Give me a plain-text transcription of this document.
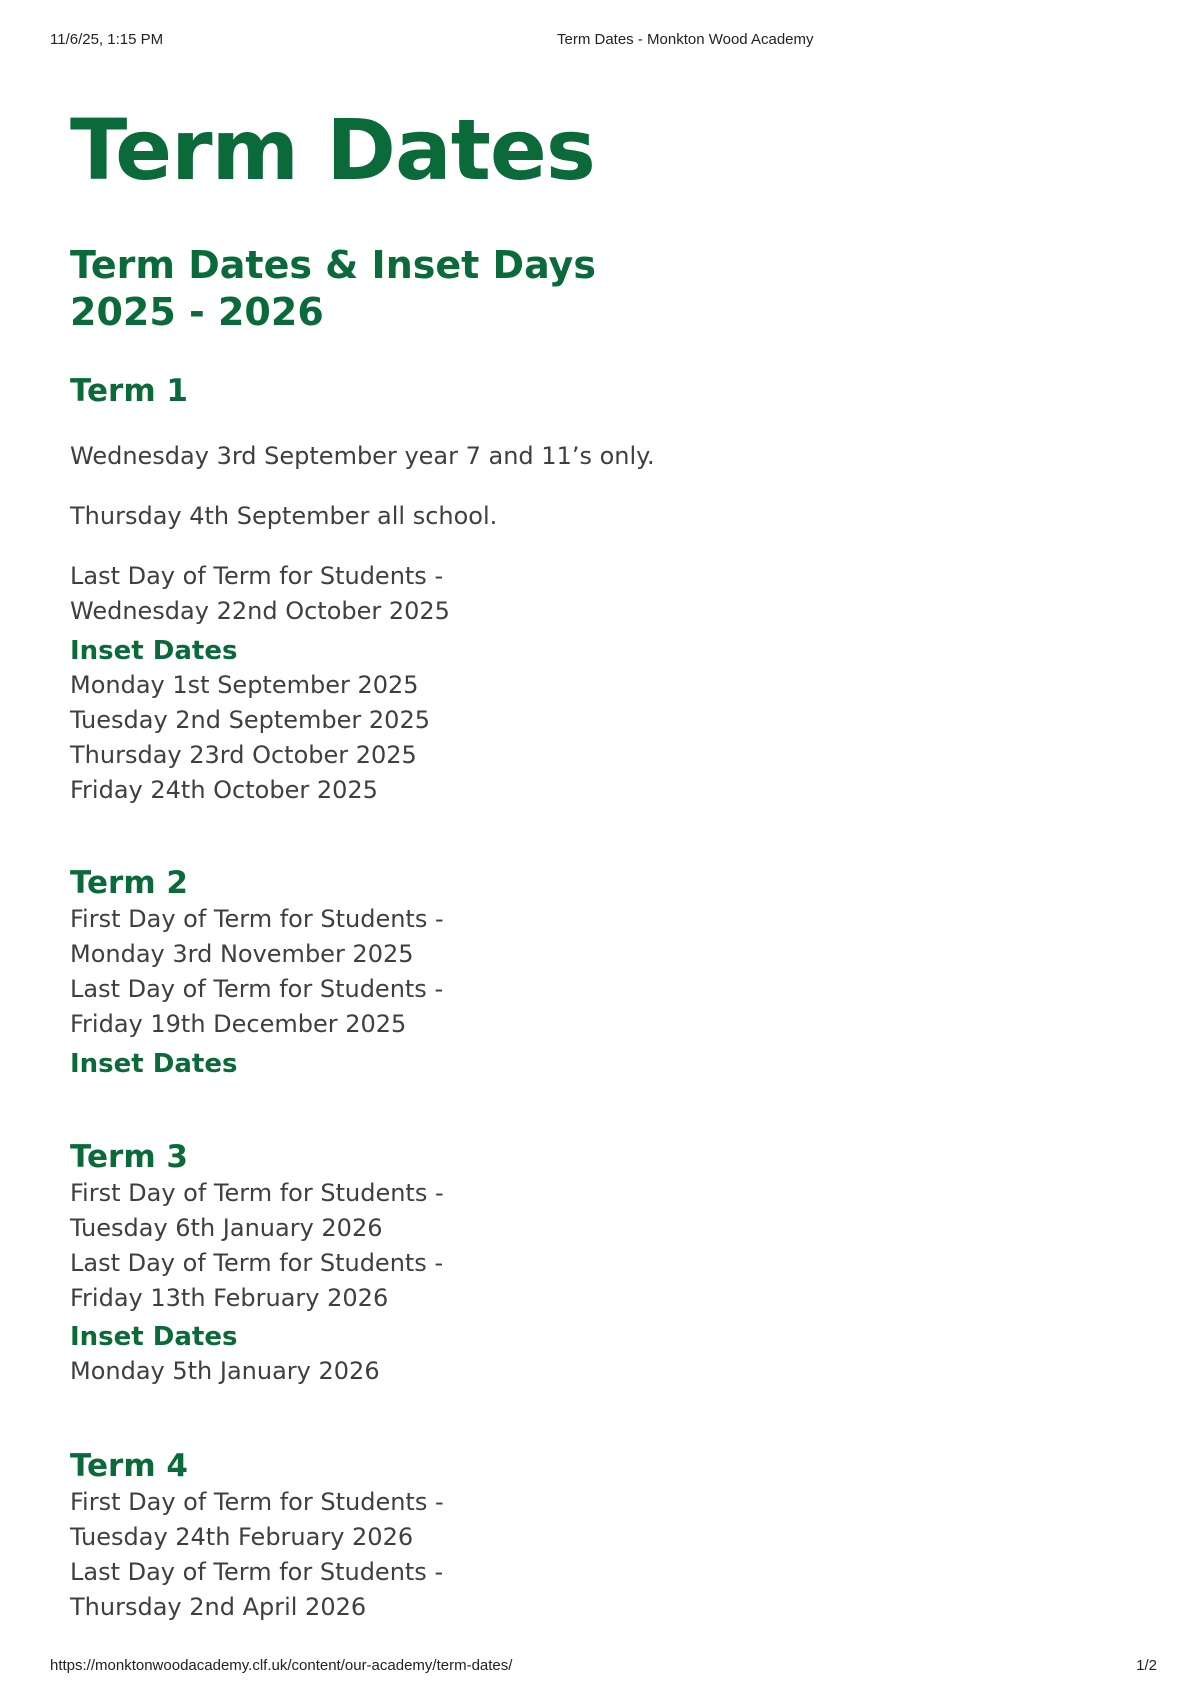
11/6/25, 1:15 PM	Term Dates - Monkton Wood Academy
Term Dates
Term Dates & Inset Days
2025 - 2026
Term 1

Wednesday 3rd September year 7 and 11’s only.

Thursday 4th September all school.

Last Day of Term for Students -

Wednesday 22nd October 2025

Inset Dates

Monday 1st September 2025

Tuesday 2nd September 2025

Thursday 23rd October 2025

Friday 24th October 2025

Term 2

First Day of Term for Students -

Monday 3rd November 2025

Last Day of Term for Students -

Friday 19th December 2025

Inset Dates
Term 3

First Day of Term for Students -

Tuesday 6th January 2026

Last Day of Term for Students -

Friday 13th February 2026

Inset Dates

Monday 5th January 2026

Term 4

First Day of Term for Students -

Tuesday 24th February 2026

Last Day of Term for Students -

Thursday 2nd April 2026

https://monktonwoodacademy.clf.uk/content/our-academy/term-dates/	1/2
